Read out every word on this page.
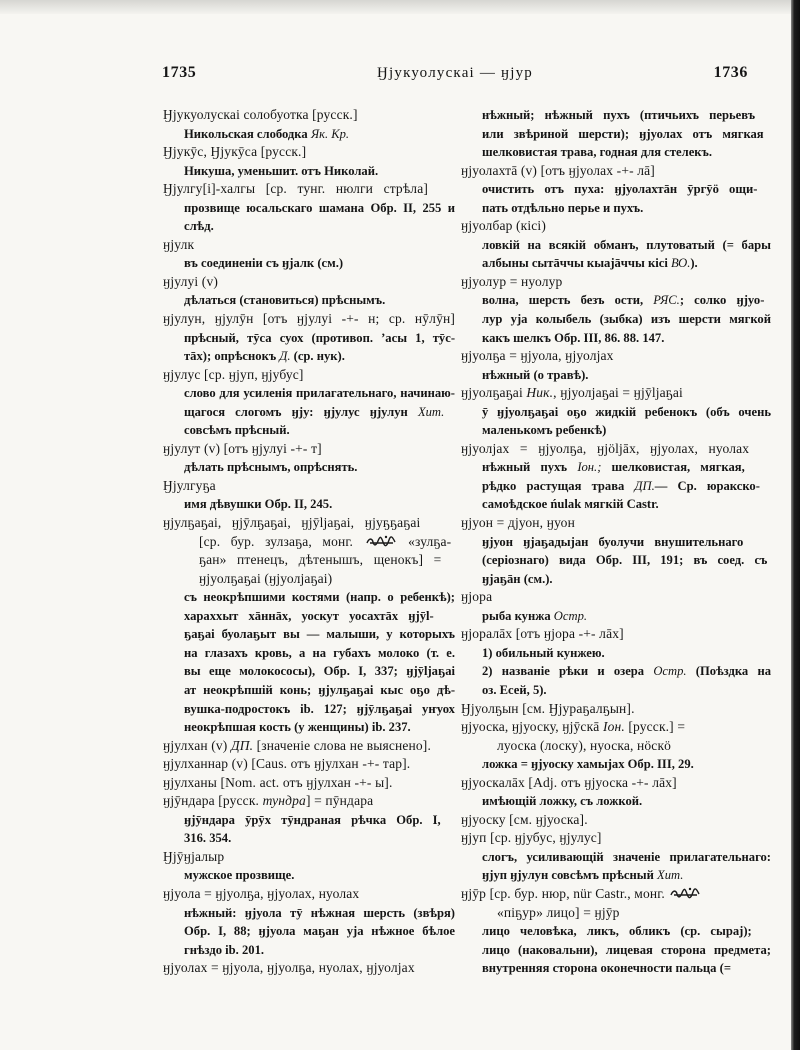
1735	Ӈјукуолускаі — ӈјур	1736
Ӈјукуолускаі солобуотка [русск.]
Никольская слободка Як. Кр.
Ӈјукӯс, Ӈјукӯса [русск.]
Никуша, уменьшит. отъ Николай.
Ӈјулгу[і]-халгы [ср. тунг. нюлги стрѣла]
прозвище юсальскаго шамана Обр. II, 255 и
слѣд.
ӈјулк
въ соединеніи съ ӈјалк (см.)
ӈјулуі (v)
дѣлаться (становиться) прѣснымъ.
ӈјулун, ӈјулӯн [отъ ӈјулуі -+- н; ср. нӯлӯн]
прѣсный, тӯса суох (противоп. ʼасы 1, тӯс-
тāх); опрѣснокъ Д. (ср. нук).
ӈјулус [ср. ӈјуп, ӈјубус]
слово для усиленія прилагательнаго, начинаю-
щагося слогомъ ӈју: ӈјулус ӈјулун Хит.
совсѣмъ прѣсный.
ӈјулут (v) [отъ ӈјулуі -+- т]
дѣлать прѣснымъ, опрѣснять.
Ӈјулгуҕа
имя дѣвушки Обр. II, 245.
ӈјулҕаҕаі, ӈјӯлҕаҕаі, ӈјӯlјаҕаі, ӈјуҕҕаҕаі
[ср. бур. зулзаҕа, монг.	«зулҕа-
ҕан» птенецъ, дѣтенышъ, щенокъ] =
ӈјуолҕаҕаі (ӈјуолјаҕаі)
съ неокрѣпшими костями (напр. о ребенкѣ);
хараххыт хāннāх, уоскут уосахтāх ӈјӯl-
ҕаҕаі буолаҕыт вы — малыши, у которыхъ
на глазахъ кровь, а на губахъ молоко (т. е.
вы еще молокососы), Обр. I, 337; ӈјӯlјаҕаі
ат неокрѣпшій конь; ӈјулҕаҕаі кыс оҕо дѣ-
вушка-подростокъ ib. 127; ӈјӯлҕаҕаі уҥуох
неокрѣпшая кость (у женщины) ib. 237.
ӈјулхан (v) ДП. [значеніе слова не выяснено].
ӈјулханнар (v) [Caus. отъ ӈјулхан -+- тар].
ӈјулханы [Nom. act. отъ ӈјулхан -+- ы].
ӈјӯндара [русск. тундра] = пӯндара
ӈјӯндара ӯрӯх тӯндраная рѣчка Обр. I,
316. 354.
Ӈјӯӈјалыр
мужское прозвище.
ӈјуола = ӈјуолҕа, ӈјуолах, нуолах
нѣжный: ӈјуола тӯ нѣжная шерсть (звѣря)
Обр. I, 88; ӈјуола маҕан уја нѣжное бѣлое
гнѣздо ib. 201.
ӈјуолах = ӈјуола, ӈјуолҕа, нуолах, ӈјуолјах
нѣжный; нѣжный пухъ (птичьихъ перьевъ
или звѣриной шерсти); ӈјуолах отъ мягкая
шелковистая трава, годная для стелекъ.
ӈјуолахтā (v) [отъ ӈјуолах -+- лā]
очистить отъ пуха: ӈјуолахтāн ӯргӯӧ ощи-
пать отдѣльно перье и пухъ.
ӈјуолбар (кісі)
ловкій на всякій обманъ, плутоватый (= бары
албыны сытāччы кыаjāччы кісі ВО.).
ӈјуолур = нуолур
волна, шерсть безъ ости, РЯС.; солко ӈјуо-
лур уја колыбель (зыбка) изъ шерсти мягкой
какъ шелкъ Обр. III, 86. 88. 147.
ӈјуолҕа = ӈјуола, ӈјуолјах
нѣжный (о травѣ).
ӈјуолҕаҕаі Ник., ӈјуолјаҕаі = ӈјӯlјаҕаі
ӯ ӈјуолҕаҕаі оҕо жидкій ребенокъ (объ очень
маленькомъ ребенкѣ)
ӈјуолјах = ӈјуолҕа, ӈјӧlјāх, ӈјуолах, нуолах
нѣжный пухъ Іон.; шелковистая, мягкая,
рѣдко растущая трава ДП.— Ср. юракско-
самоѣдское ńulak мягкій Castr.
ӈјуон = дјуон, ӈуон
ӈјуон ӈјаҕадыјан буолучи внушительнаго
(серіознаго) вида Обр. III, 191; въ соед. съ
ӈјаҕāн (см.).
ӈјора
рыба кунжа Остр.
ӈјоралāх [отъ ӈјора -+- лāх]
1) обильный кунжею.
2) названіе рѣки и озера Остр. (Поѣздка на
оз. Есей, 5).
Ӈјуолҕын [см. Ӈјураҕалҕын].
ӈјуоска, ӈјуоску, ӈјӯскā Іон. [русск.] =
луоска (лоску), нуоска, нӧскӧ
ложка = ӈјуоску хамыјах Обр. III, 29.
ӈјуоскалāх [Adj. отъ ӈјуоска -+- лāх]
имѣющій ложку, съ ложкой.
ӈјуоску [см. ӈјуоска].
ӈјуп [ср. ӈјубус, ӈјулус]
слогъ, усиливающій значеніе прилагательнаго:
ӈјуп ӈјулун совсѣмъ прѣсный Хит.
ӈјӯр [ср. бур. нюр, nür Castr., монг.
«піҕур» лицо] = ӈјӯр
лицо человѣка, ликъ, обликъ (ср. сырај);
лицо (наковальни), лицевая сторона предмета;
внутренняя сторона оконечности пальца (=
